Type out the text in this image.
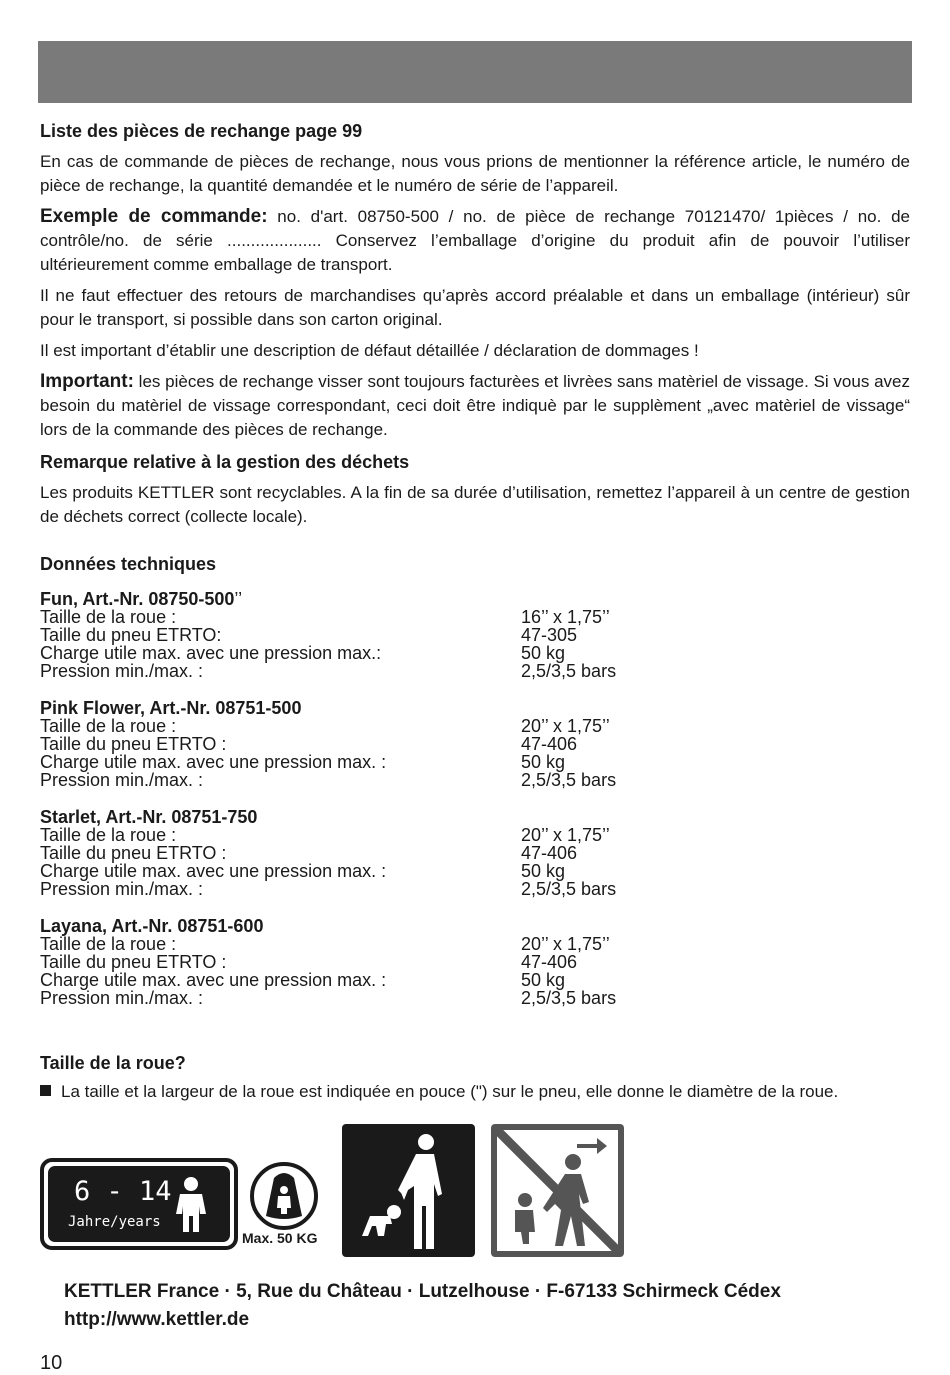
Liste des pièces de rechange page 99

En cas de commande de pièces de rechange, nous vous prions de mentionner la référence article, le numéro de pièce de rechange, la quantité demandée et le numéro de série de l’appareil.

Exemple de commande: no. d'art. 08750-500 / no. de pièce de rechange 70121470/ 1pièces / no. de contrôle/no. de série .................... Conservez l’emballage d’origine du produit afin de pouvoir l’utiliser ultérieurement comme emballage de transport.

Il ne faut effectuer des retours de marchandises qu’après accord préalable et dans un emballage (intérieur) sûr pour le transport, si possible dans son carton original.

Il est important d’établir une description de défaut détaillée / déclaration de dommages !

Important: les pièces de rechange visser sont toujours facturèes et livrèes sans matèriel de vissage. Si vous avez besoin du matèriel de vissage correspondant, ceci doit être indiquè par le supplèment „avec matèriel de vissage“ lors de la commande des pièces de rechange.

Remarque relative à la gestion des déchets

Les produits KETTLER sont recyclables. A la fin de sa durée d’utilisation, remettez l’appareil à un centre de gestion de déchets correct (collecte locale).

Données techniques
Fun, Art.-Nr. 08750-500’’
Taille de la roue :	16’’ x 1,75’’
Taille du pneu ETRTO:	47-305
Charge utile max. avec une pression max.:	50 kg
Pression min./max. :	2,5/3,5 bars
Pink Flower, Art.-Nr. 08751-500
Taille de la roue :	20’’ x 1,75’’
Taille du pneu ETRTO :	47-406
Charge utile max. avec une pression max. :	50 kg
Pression min./max. :	2,5/3,5 bars
Starlet, Art.-Nr. 08751-750
Taille de la roue :	20’’ x 1,75’’
Taille du pneu ETRTO :	47-406
Charge utile max. avec une pression max. :	50 kg
Pression min./max. :	2,5/3,5 bars
Layana, Art.-Nr. 08751-600
Taille de la roue :	20’’ x 1,75’’
Taille du pneu ETRTO :	47-406
Charge utile max. avec une pression max. :	50 kg
Pression min./max. :	2,5/3,5 bars
Taille de la roue?
La taille et la largeur de la roue est indiquée en pouce (") sur le pneu, elle donne le diamètre de la roue.
6 - 14
Jahre/years
Max. 50 KG
KETTLER France · 5, Rue du Château · Lutzelhouse · F-67133 Schirmeck Cédex
http://www.kettler.de
10
